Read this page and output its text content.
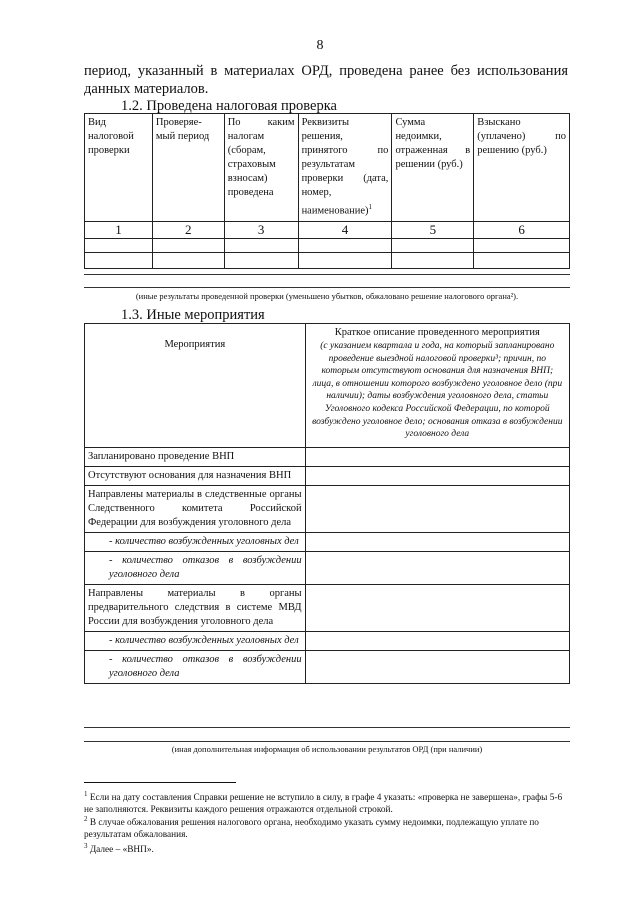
8
период, указанный в материалах ОРД, проведена ранее без использования данных материалов.
1.2. Проведена налоговая проверка
Вид налоговой проверки	Проверяе-мый период	По каким налогам (сборам, страховым взносам) проведена	Реквизиты решения, принятого по результатам проверки (дата, номер, наименование)$^1$	Сумма недоимки, отраженная в решении (руб.)	Взыскано (уплачено) по решению (руб.)
1	2	3	4	5	6

(иные результаты проведенной проверки (уменьшено убытков, обжаловано решение налогового органа²).
1.3. Иные мероприятия
Мероприятия	Краткое описание проведенного мероприятия
(с указанием квартала и года, на который запланировано проведение выездной налоговой проверки³; причин, по которым отсутствуют основания для назначения ВНП; лица, в отношении которого возбуждено уголовное дело (при наличии); даты возбуждения уголовного дела, статьи Уголовного кодекса Российской Федерации, по которой возбуждено уголовное дело; основания отказа в возбуждении уголовного дела

Запланировано проведение ВНП	
Отсутствуют основания для назначения ВНП	
Направлены материалы в следственные органы Следственного комитета Российской Федерации для возбуждения уголовного дела	
- количество возбужденных уголовных дел	
- количество отказов в возбуждении уголовного дела	
Направлены материалы в органы предварительного следствия в системе МВД России для возбуждения уголовного дела	
- количество возбужденных уголовных дел	
- количество отказов в возбуждении уголовного дела	
(иная дополнительная информация об использовании результатов ОРД (при наличии)
$^1$ Если на дату составления Справки решение не вступило в силу, в графе 4 указать: «проверка не завершена», графы 5-6 не заполняются. Реквизиты каждого решения отражаются отдельной строкой.
$^2$ В случае обжалования решения налогового органа, необходимо указать сумму недоимки, подлежащую уплате по результатам обжалования.
$^3$ Далее – «ВНП».
